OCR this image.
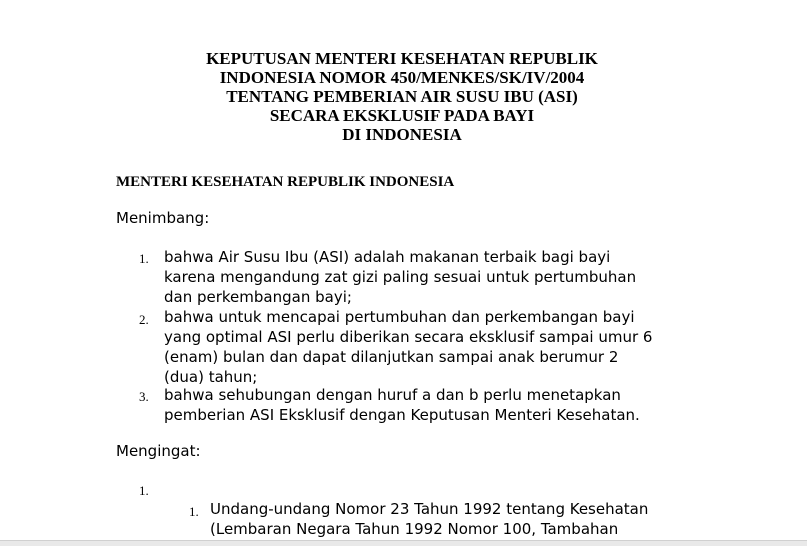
KEPUTUSAN MENTERI KESEHATAN REPUBLIK
INDONESIA NOMOR 450/MENKES/SK/IV/2004
TENTANG PEMBERIAN AIR SUSU IBU (ASI)
SECARA EKSKLUSIF PADA BAYI
DI INDONESIA
MENTERI KESEHATAN REPUBLIK INDONESIA
Menimbang:
1. bahwa Air Susu Ibu (ASI) adalah makanan terbaik bagi bayi
karena mengandung zat gizi paling sesuai untuk pertumbuhan
dan perkembangan bayi;
2. bahwa untuk mencapai pertumbuhan dan perkembangan bayi
yang optimal ASI perlu diberikan secara eksklusif sampai umur 6
(enam) bulan dan dapat dilanjutkan sampai anak berumur 2
(dua) tahun;
3. bahwa sehubungan dengan huruf a dan b perlu menetapkan
pemberian ASI Eksklusif dengan Keputusan Menteri Kesehatan.
Mengingat:
1.
1. Undang-undang Nomor 23 Tahun 1992 tentang Kesehatan
(Lembaran Negara Tahun 1992 Nomor 100, Tambahan
